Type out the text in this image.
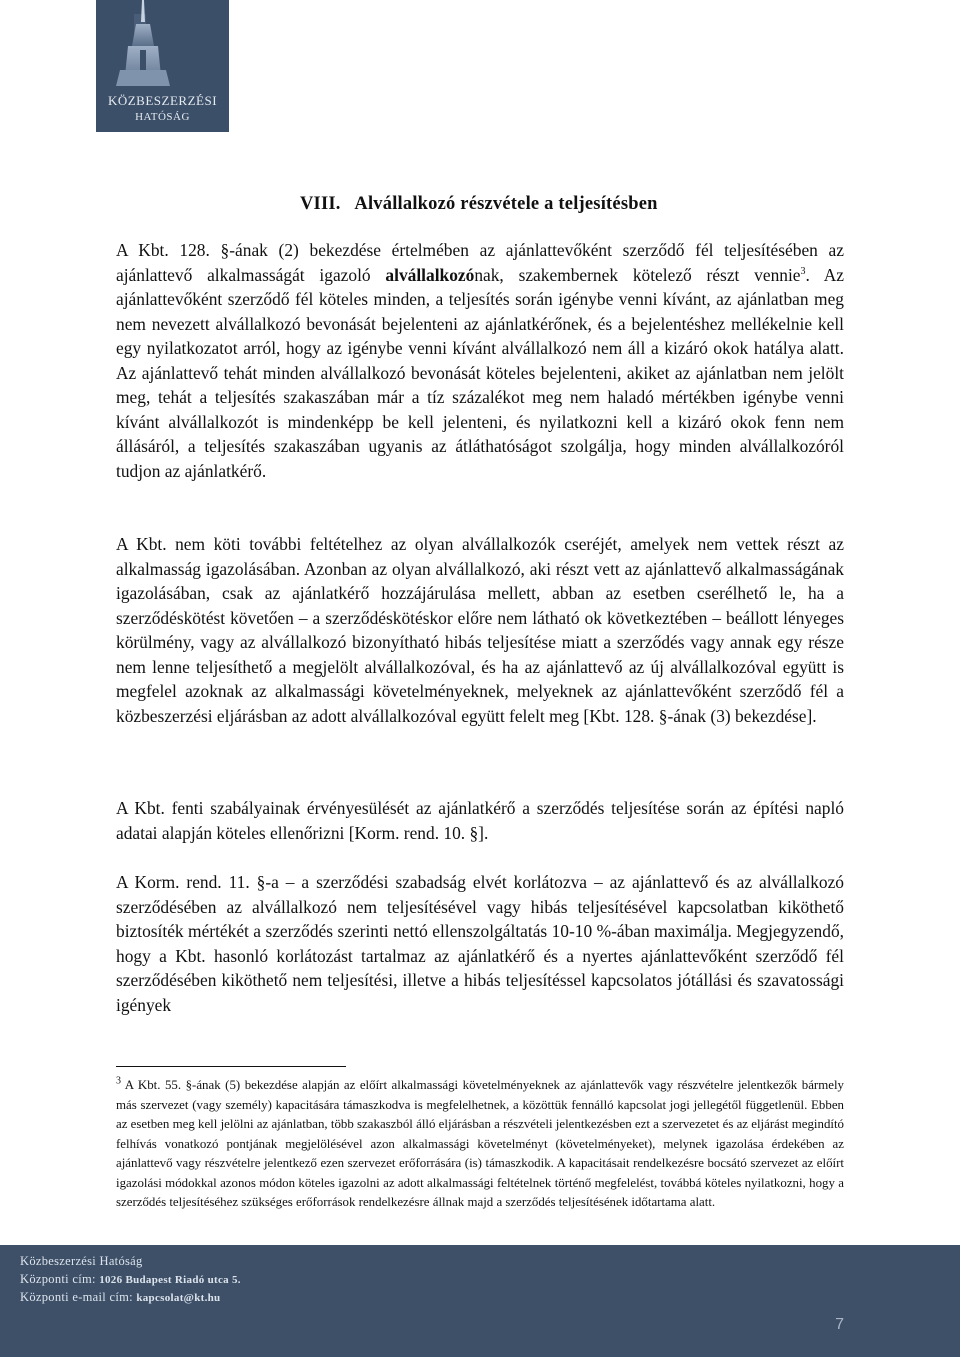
KÖZBESZERZÉSI
HATÓSÁG
VIII. Alvállalkozó részvétele a teljesítésben

A Kbt. 128. §-ának (2) bekezdése értelmében az ajánlattevőként szerződő fél teljesítésében az ajánlattevő alkalmasságát igazoló alvállalkozónak, szakembernek kötelező részt vennie$^3$. Az ajánlattevőként szerződő fél köteles minden, a teljesítés során igénybe venni kívánt, az ajánlatban meg nem nevezett alvállalkozó bevonását bejelenteni az ajánlatkérőnek, és a bejelentéshez mellékelnie kell egy nyilatkozatot arról, hogy az igénybe venni kívánt alvállalkozó nem áll a kizáró okok hatálya alatt. Az ajánlattevő tehát minden alvállalkozó bevonását köteles bejelenteni, akiket az ajánlatban nem jelölt meg, tehát a teljesítés szakaszában már a tíz százalékot meg nem haladó mértékben igénybe venni kívánt alvállalkozót is mindenképp be kell jelenteni, és nyilatkozni kell a kizáró okok fenn nem állásáról, a teljesítés szakaszában ugyanis az átláthatóságot szolgálja, hogy minden alvállalkozóról tudjon az ajánlatkérő.

A Kbt. nem köti további feltételhez az olyan alvállalkozók cseréjét, amelyek nem vettek részt az alkalmasság igazolásában. Azonban az olyan alvállalkozó, aki részt vett az ajánlattevő alkalmasságának igazolásában, csak az ajánlatkérő hozzájárulása mellett, abban az esetben cserélhető le, ha a szerződéskötést követően – a szerződéskötéskor előre nem látható ok következtében – beállott lényeges körülmény, vagy az alvállalkozó bizonyítható hibás teljesítése miatt a szerződés vagy annak egy része nem lenne teljesíthető a megjelölt alvállalkozóval, és ha az ajánlattevő az új alvállalkozóval együtt is megfelel azoknak az alkalmassági követelményeknek, melyeknek az ajánlattevőként szerződő fél a közbeszerzési eljárásban az adott alvállalkozóval együtt felelt meg [Kbt. 128. §-ának (3) bekezdése].

A Kbt. fenti szabályainak érvényesülését az ajánlatkérő a szerződés teljesítése során az építési napló adatai alapján köteles ellenőrizni [Korm. rend. 10. §].

A Korm. rend. 11. §-a – a szerződési szabadság elvét korlátozva – az ajánlattevő és az alvállalkozó szerződésében az alvállalkozó nem teljesítésével vagy hibás teljesítésével kapcsolatban kiköthető biztosíték mértékét a szerződés szerinti nettó ellenszolgáltatás 10-10 %-ában maximálja. Megjegyzendő, hogy a Kbt. hasonló korlátozást tartalmaz az ajánlatkérő és a nyertes ajánlattevőként szerződő fél szerződésében kiköthető nem teljesítési, illetve a hibás teljesítéssel kapcsolatos jótállási és szavatossági igények

$^3$ A Kbt. 55. §-ának (5) bekezdése alapján az előírt alkalmassági követelményeknek az ajánlattevők vagy részvételre jelentkezők bármely más szervezet (vagy személy) kapacitására támaszkodva is megfelelhetnek, a közöttük fennálló kapcsolat jogi jellegétől függetlenül. Ebben az esetben meg kell jelölni az ajánlatban, több szakaszból álló eljárásban a részvételi jelentkezésben ezt a szervezetet és az eljárást megindító felhívás vonatkozó pontjának megjelölésével azon alkalmassági követelményt (követelményeket), melynek igazolása érdekében az ajánlattevő vagy részvételre jelentkező ezen szervezet erőforrására (is) támaszkodik. A kapacitásait rendelkezésre bocsátó szervezet az előírt igazolási módokkal azonos módon köteles igazolni az adott alkalmassági feltételnek történő megfelelést, továbbá köteles nyilatkozni, hogy a szerződés teljesítéséhez szükséges erőforrások rendelkezésre állnak majd a szerződés teljesítésének időtartama alatt.

Közbeszerzési Hatóság
Központi cím: 1026 Budapest Riadó utca 5.
Központi e-mail cím: kapcsolat@kt.hu
7
